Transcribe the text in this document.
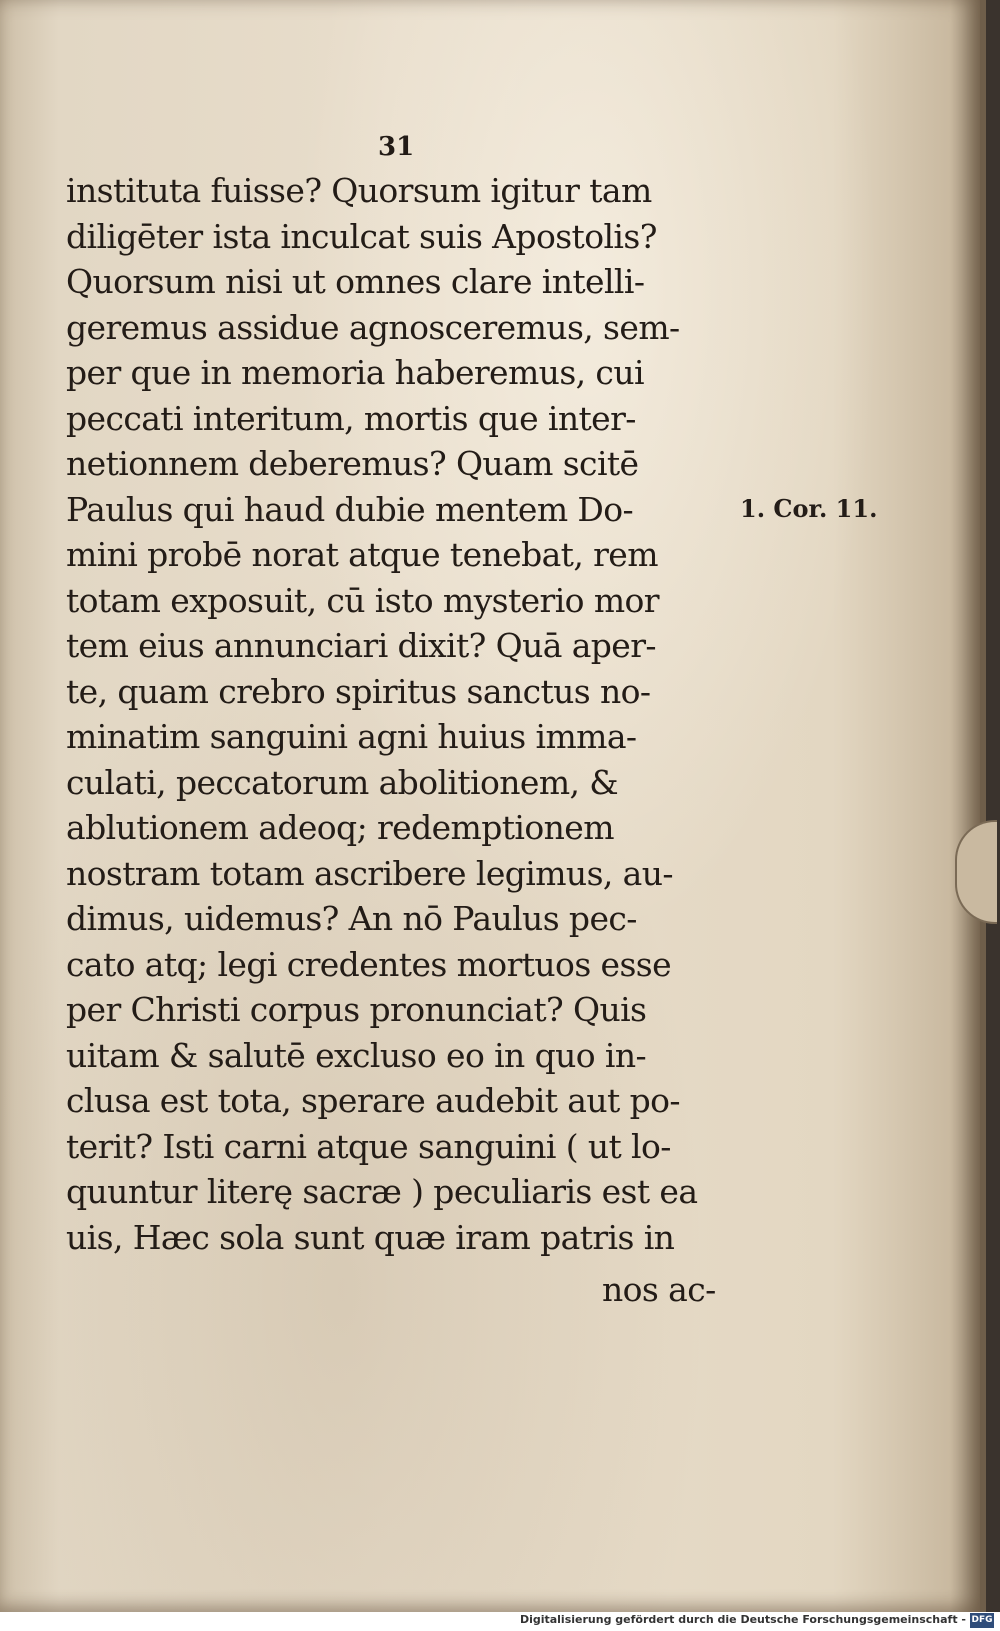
31

instituta fuisse? Quorsum igitur tam
diligēter ista inculcat suis Apostolis?
Quorsum nisi ut omnes clare intelli-
geremus assidue agnosceremus, sem-
per que in memoria haberemus, cui
peccati interitum, mortis que inter-
netionnem deberemus? Quam scitē
Paulus qui haud dubie mentem Do-
mini probē norat atque tenebat, rem
totam exposuit, cū isto mysterio mor
tem eius annunciari dixit? Quā aper-
te, quam crebro spiritus sanctus no-
minatim sanguini agni huius imma-
culati, peccatorum abolitionem, &
ablutionem adeoq; redemptionem
nostram totam ascribere legimus, au-
dimus, uidemus? An nō Paulus pec-
cato atq; legi credentes mortuos esse
per Christi corpus pronunciat? Quis
uitam & salutē excluso eo in quo in-
clusa est tota, sperare audebit aut po-
terit? Isti carni atque sanguini ( ut lo-
quuntur literę sacræ ) peculiaris est ea
uis, Hæc sola sunt quæ iram patris in
nos ac-
1. Cor. 11.
Digitalisierung gefördert durch die Deutsche Forschungsgemeinschaft - DFG
